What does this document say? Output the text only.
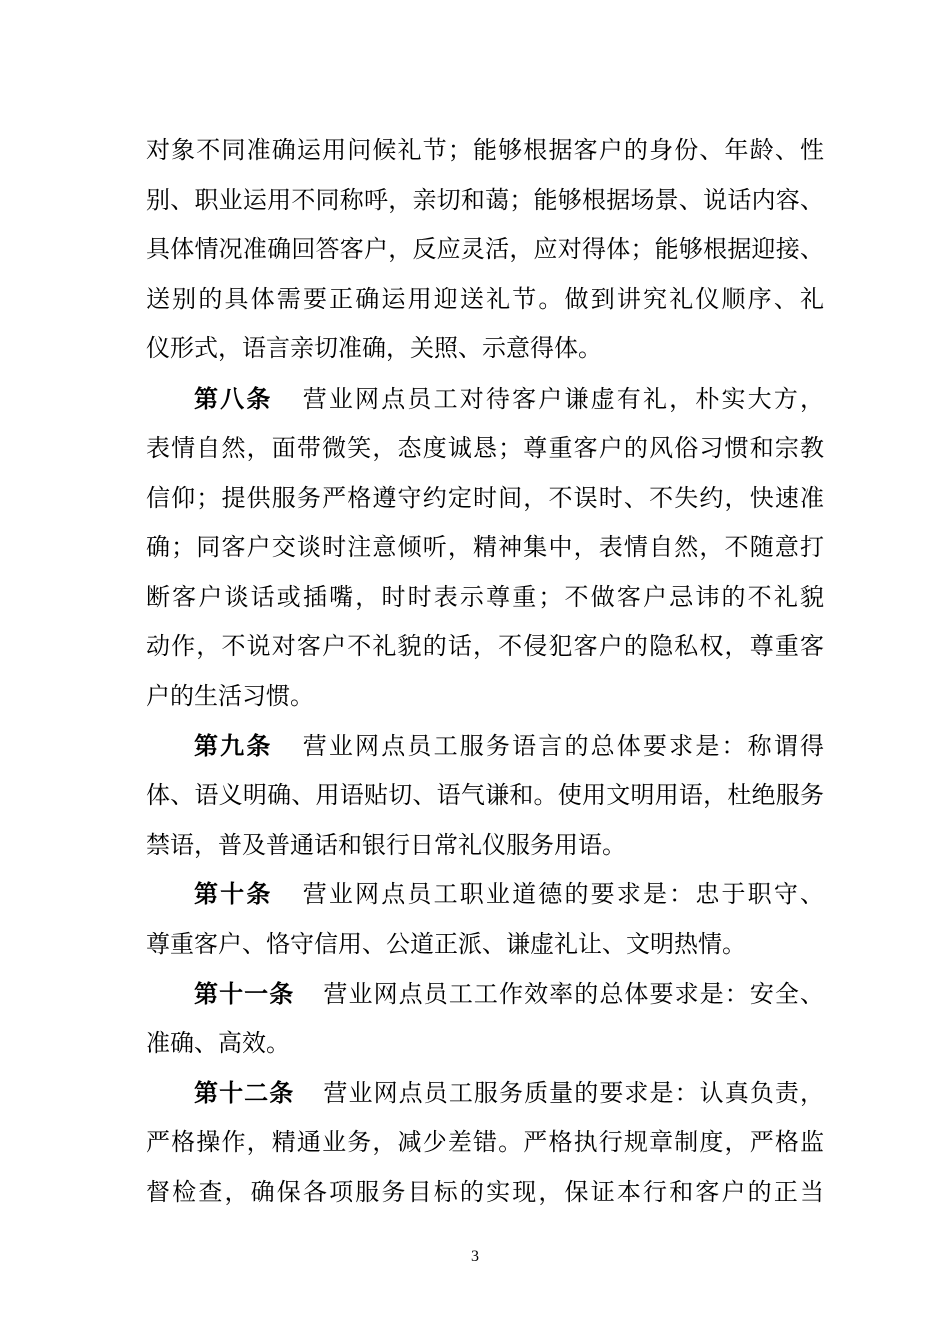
对象不同准确运用问候礼节；能够根据客户的身份、年龄、性
别、职业运用不同称呼，亲切和蔼；能够根据场景、说话内容、
具体情况准确回答客户，反应灵活，应对得体；能够根据迎接、
送别的具体需要正确运用迎送礼节。做到讲究礼仪顺序、礼
仪形式，语言亲切准确，关照、示意得体。
第八条 营业网点员工对待客户谦虚有礼，朴实大方，
表情自然，面带微笑，态度诚恳；尊重客户的风俗习惯和宗教
信仰；提供服务严格遵守约定时间，不误时、不失约，快速准
确；同客户交谈时注意倾听，精神集中，表情自然，不随意打
断客户谈话或插嘴，时时表示尊重；不做客户忌讳的不礼貌
动作，不说对客户不礼貌的话，不侵犯客户的隐私权，尊重客
户的生活习惯。
第九条 营业网点员工服务语言的总体要求是：称谓得
体、语义明确、用语贴切、语气谦和。使用文明用语，杜绝服务
禁语，普及普通话和银行日常礼仪服务用语。
第十条 营业网点员工职业道德的要求是：忠于职守、
尊重客户、恪守信用、公道正派、谦虚礼让、文明热情。
第十一条 营业网点员工工作效率的总体要求是：安全、
准确、高效。
第十二条 营业网点员工服务质量的要求是：认真负责，
严格操作，精通业务，减少差错。严格执行规章制度，严格监
督检查，确保各项服务目标的实现，保证本行和客户的正当
3
